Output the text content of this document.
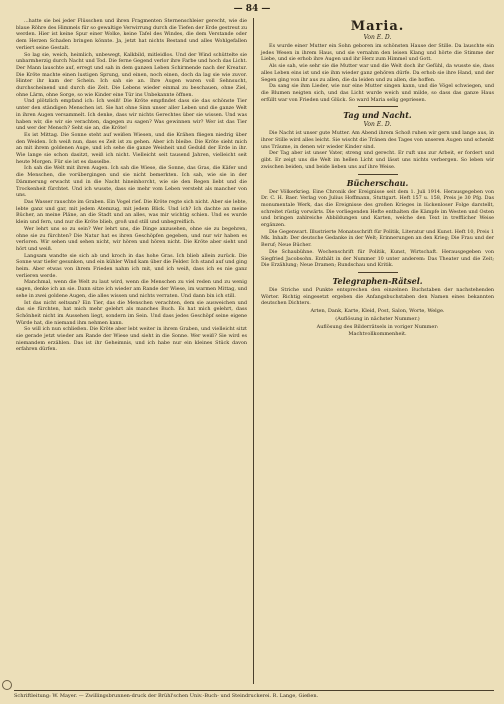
— 84 —

...hatte sie bei jeder Flüsschen und ihren Fragmenten Sternenschleier gerecht, wie die blaue Röhre des Himmels für so gewaltige Verwirrung durch die Tiefen der Erde gestreut zu werden. Hier ist keine Spur einer Wolke, keine Tafel des Windes, die dem Verstande oder dem Herzen Schaden bringen könnte. Ja, jetzt hat nichts Bestand und alles Wohlgefallen verliert seine Gestalt.

So lag sie, weich, heimlich, unbewegt, Kalkbild, mitleidlos. Und der Wind schüttelte sie unbarmherzig durch Nacht und Tod. Die ferne Gegend verlor ihre Farbe und hoch das Licht. Der Mann lauschte auf, erregt und sah in dem ganzen Leben Schirmende nach der Kreatur. Die Kröte machte einen lustigen Sprung, und einen, noch einen, doch da lag sie wie zuvor. Hinter ihr kam der Schein. Ich sah sie an. Ihre Augen waren voll Sehnsucht, durchscheinend und durch die Zeit. Die Lebens wieder einmal zu beschauen, ohne Ziel, ohne Lärm, ohne Sorge, so wie Kinder eine Tür ins Unbekannte öffnen.

Und plötzlich empfand ich: Ich weiß! Die Kröte empfindet dass sie das schönste Tier unter den ständigen Menschen ist. Sie hat ohne Sinn unser aller Leben und die ganze Welt in ihren Augen versammelt. Ich denke, dass wir nichts Gerechtes über sie wissen. Und was haben wir, die wir sie verachten, dagegen zu sagen? Was gewinnen wir? Wer ist das Tier und wer der Mensch? Seht sie an, die Kröte!

Es ist Mittag. Die Sonne steht auf weißen Wiesen, und die Krähen fliegen niedrig über den Weiden. Ich weiß nun, dass es Zeit ist zu gehen. Aber ich bleibe. Die Kröte sieht mich an mit ihrem goldenen Auge, und ich sehe die ganze Weisheit und Geduld der Erde in ihr. Wie lange sie schon dasitzt, weiß ich nicht. Vielleicht seit tausend Jahren, vielleicht seit heute Morgen. Für sie ist es dasselbe.

Ich sah die Welt mit ihren Augen. Ich sah die Wiese, die Sonne, das Gras, die Käfer und die Menschen, die vorübergingen und sie nicht bemerkten. Ich sah, wie sie in der Dämmerung erwacht und in die Nacht hineinhorcht, wie sie den Regen liebt und die Trockenheit fürchtet. Und ich wusste, dass sie mehr vom Leben versteht als mancher von uns.

Das Wasser rauschte im Graben. Ein Vogel rief. Die Kröte regte sich nicht. Aber sie lebte, lebte ganz und gar, mit jedem Atemzug, mit jedem Blick. Und ich? Ich dachte an meine Bücher, an meine Pläne, an die Stadt und an alles, was mir wichtig schien. Und es wurde klein und fern, und nur die Kröte blieb, groß und still und unbegreiflich.

Wer lehrt uns so zu sein? Wer lehrt uns, die Dinge anzusehen, ohne sie zu begehren, ohne sie zu fürchten? Die Natur hat es ihren Geschöpfen gegeben, und nur wir haben es verloren. Wir sehen und sehen nicht, wir hören und hören nicht. Die Kröte aber sieht und hört und weiß.

Langsam wandte sie sich ab und kroch in das hohe Gras. Ich blieb allein zurück. Die Sonne war tiefer gesunken, und ein kühler Wind kam über die Felder. Ich stand auf und ging heim. Aber etwas von ihrem Frieden nahm ich mit, und ich weiß, dass ich es nie ganz verlieren werde.

Manchmal, wenn die Welt zu laut wird, wenn die Menschen zu viel reden und zu wenig sagen, denke ich an sie. Dann sitze ich wieder am Rande der Wiese, im warmen Mittag, und sehe in zwei goldene Augen, die alles wissen und nichts verraten. Und dann bin ich still.

Ist das nicht seltsam? Ein Tier, das die Menschen verachten, dem sie ausweichen und das sie fürchten, hat mich mehr gelehrt als manches Buch. Es hat mich gelehrt, dass Schönheit nicht im Aussehen liegt, sondern im Sein. Und dass jedes Geschöpf seine eigene Würde hat, die niemand ihm nehmen kann.

So will ich nun schließen. Die Kröte aber lebt weiter in ihrem Graben, und vielleicht sitzt sie gerade jetzt wieder am Rande der Wiese und sieht in die Sonne. Wer weiß? Sie wird es niemandem erzählen. Das ist ihr Geheimnis, und ich habe nur ein kleines Stück davon erfahren dürfen.

Maria.
Von E. D.

Es wurde einer Mutter ein Sohn geboren im schönsten Hause der Stille. Da lauschte ein jedes Wesen in ihrem Haus, und sie vernahm den leisen Klang und hörte die Stimme der Liebe, und sie erhob ihre Augen und ihr Herz zum Himmel und Gott.

Als sie sah, wie sehr sie die Mutter war und die Welt doch ihr Gefühl, da wusste sie, dass alles Leben eins ist und sie ihm wieder ganz gehören dürfe. Da erhob sie ihre Hand, und der Segen ging von ihr aus zu allen, die da leiden und zu allen, die hoffen.

Da sang sie ihm Lieder, wie nur eine Mutter singen kann, und die Vögel schwiegen, und die Blumen neigten sich, und das Licht wurde weich und milde, so dass das ganze Haus erfüllt war von Frieden und Glück. So ward Maria selig gepriesen.

Tag und Nacht.
Von E. D.

Die Nacht ist unser gute Mutter. Am Abend ihrem Schoß ruhen wir gern und lange aus, in ihrer Stille wird alles leicht. Sie wischt die Tränen des Tages von unseren Augen und schenkt uns Träume, in denen wir wieder Kinder sind.

Der Tag aber ist unser Vater, streng und gerecht. Er ruft uns zur Arbeit, er fordert und gibt. Er zeigt uns die Welt im hellen Licht und lässt uns nichts verbergen. So leben wir zwischen beiden, und beide lieben uns auf ihre Weise.

Bücherschau.

Der Völkerkrieg. Eine Chronik der Ereignisse seit dem 1. Juli 1914. Herausgegeben von Dr. C. H. Baer. Verlag von Julius Hoffmann, Stuttgart. Heft 157 u. 158, Preis je 30 Pfg. Das monumentale Werk, das die Ereignisse des großen Krieges in lückenloser Folge darstellt, schreitet rüstig vorwärts. Die vorliegenden Hefte enthalten die Kämpfe im Westen und Osten und bringen zahlreiche Abbildungen und Karten, welche den Text in trefflicher Weise ergänzen.

Die Gegenwart. Illustrierte Monatsschrift für Politik, Literatur und Kunst. Heft 10, Preis 1 Mk. Inhalt: Der deutsche Gedanke in der Welt; Erinnerungen an den Krieg; Die Frau und der Beruf; Neue Bücher.

Die Schaubühne. Wochenschrift für Politik, Kunst, Wirtschaft. Herausgegeben von Siegfried Jacobsohn. Enthält in der Nummer 10 unter anderem: Das Theater und die Zeit; Die Erzählung; Neue Dramen; Rundschau und Kritik.

Telegraphen-Rätsel.

Die Striche und Punkte entsprechen den einzelnen Buchstaben der nachstehenden Wörter. Richtig eingesetzt ergeben die Anfangsbuchstaben den Namen eines bekannten deutschen Dichters.

Arten, Dank, Karte, Kleid, Post, Salon, Worte, Welge.
(Auflösung in nächster Nummer.)
Auflösung des Bilderrätsels in voriger Nummer:
Machtvollkommenheit.
Schriftleitung: W. Mayer. — Zwillingsbrunnen-druck der Brühl'schen Univ.-Buch- und Steindruckerei. R. Lange, Gießen.
